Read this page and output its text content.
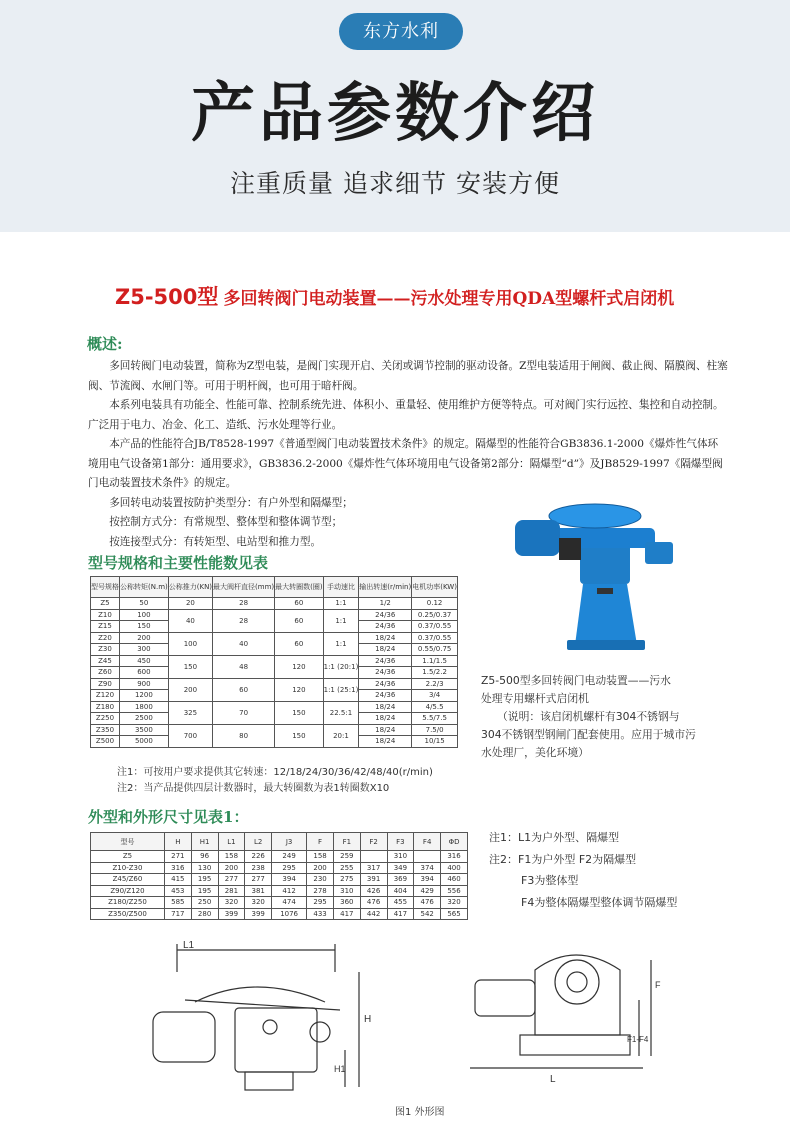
东方水利
产品参数介绍
注重质量 追求细节 安装方便
Z5-500型 多回转阀门电动装置——污水处理专用QDA型螺杆式启闭机
概述:

多回转阀门电动装置，简称为Z型电装，是阀门实现开启、关闭或调节控制的驱动设备。Z型电装适用于闸阀、截止阀、隔膜阀、柱塞阀、节流阀、水闸门等。可用于明杆阀，也可用于暗杆阀。

本系列电装具有功能全、性能可靠、控制系统先进、体积小、重量轻、使用维护方便等特点。可对阀门实行远控、集控和自动控制。广泛用于电力、冶金、化工、造纸、污水处理等行业。

本产品的性能符合JB/T8528-1997《普通型阀门电动装置技术条件》的规定。隔爆型的性能符合GB3836.1-2000《爆炸性气体环境用电气设备第1部分：通用要求》，GB3836.2-2000《爆炸性气体环境用电气设备第2部分：隔爆型“d”》及JB8529-1997《隔爆型阀门电动装置技术条件》的规定。

多回转电动装置按防护类型分：有户外型和隔爆型；

按控制方式分：有常规型、整体型和整体调节型；

按连接型式分：有转矩型、电站型和推力型。

Z5-500型多回转阀门电动装置——污水
处理专用螺杆式启闭机
（说明：该启闭机螺杆有304不锈钢与
304不锈钢型钢闸门配套使用。应用于城市污
水处理厂，美化环境）
型号规格和主要性能数见表
型号规格	公称转矩(N.m)	公称推力(KN)	最大阀杆直径(mm)	最大转圈数(圈)	手动速比	输出转速(r/min)	电机功率(KW)
Z5	50	20	28	60	1:1	1/2	0.12
Z10	100	40	28	60	1:1	24/36	0.25/0.37
Z15	150					24/36	0.37/0.55
Z20	200	100	40	60	1:1	18/24	0.37/0.55
Z30	300					18/24	0.55/0.75
Z45	450	150	48	120	1:1 (20:1)	24/36	1.1/1.5
Z60	600					24/36	1.5/2.2
Z90	900	200	60	120	1:1 (25:1)	24/36	2.2/3
Z120	1200					24/36	3/4
Z180	1800	325	70	150	22.5:1	18/24	4/5.5
Z250	2500					18/24	5.5/7.5
Z350	3500	700	80	150	20:1	18/24	7.5/0
Z500	5000					18/24	10/15
注1：可按用户要求提供其它转速：12/18/24/30/36/42/48/40(r/min)
注2：当产品提供四层计数器时，最大转圈数为表1转圈数X10
外型和外形尺寸见表1：
型号	H	H1	L1	L2	J3	F	F1	F2	F3	F4	ΦD
Z5	271	96	158	226	249	158	259		310		316
Z10-Z30	316	130	200	238	295	200	255	317	349	374	400
Z45/Z60	415	195	277	277	394	230	275	391	369	394	460
Z90/Z120	453	195	281	381	412	278	310	426	404	429	556
Z180/Z250	585	250	320	320	474	295	360	476	455	476	320
Z350/Z500	717	280	399	399	1076	433	417	442	417	542	565
注1：L1为户外型、隔爆型
注2：F1为户外型 F2为隔爆型
F3为整体型
F4为整体隔爆型整体调节隔爆型
L1
H
H1
L
F
F1-F4
图1 外形图
